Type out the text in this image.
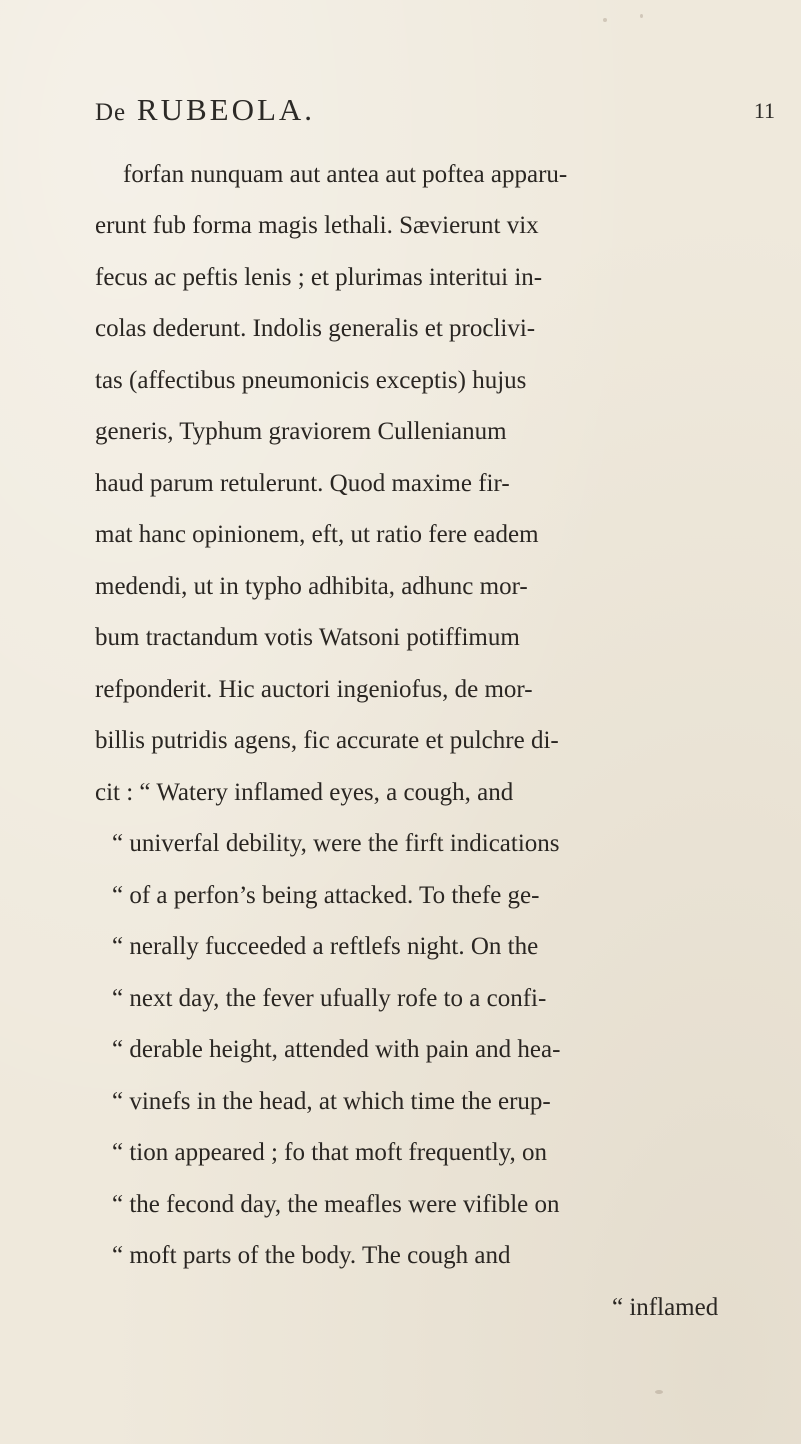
De RUBEOLA.	11
forfan nunquam aut antea aut poftea apparu-
erunt fub forma magis lethali. Sævierunt vix
fecus ac peftis lenis ; et plurimas interitui in-
colas dederunt. Indolis generalis et proclivi-
tas (affectibus pneumonicis exceptis) hujus
generis, Typhum graviorem Cullenianum
haud parum retulerunt. Quod maxime fir-
mat hanc opinionem, eft, ut ratio fere eadem
medendi, ut in typho adhibita, adhunc mor-
bum tractandum votis Watsoni potiffimum
refponderit. Hic auctori ingeniofus, de mor-
billis putridis agens, fic accurate et pulchre di-
cit : “ Watery inflamed eyes, a cough, and
“ univerfal debility, were the firft indications
“ of a perfon’s being attacked. To thefe ge-
“ nerally fucceeded a reftlefs night. On the
“ next day, the fever ufually rofe to a confi-
“ derable height, attended with pain and hea-
“ vinefs in the head, at which time the erup-
“ tion appeared ; fo that moft frequently, on
“ the fecond day, the meafles were vifible on
“ moft parts of the body. The cough and
“ inflamed
